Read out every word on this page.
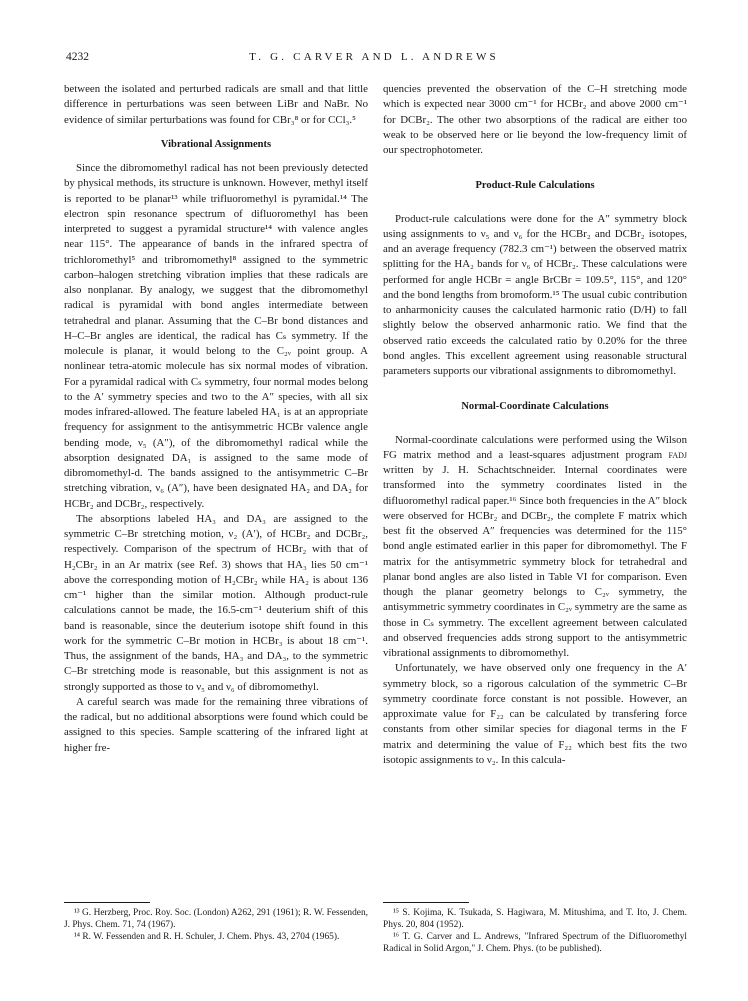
4232	T. G. CARVER AND L. ANDREWS

between the isolated and perturbed radicals are small and that little difference in perturbations was seen between LiBr and NaBr. No evidence of similar perturbations was found for CBr₃⁸ or for CCl₃.⁵

Vibrational Assignments

Since the dibromomethyl radical has not been previously detected by physical methods, its structure is unknown. However, methyl itself is reported to be planar¹³ while trifluoromethyl is pyramidal.¹⁴ The electron spin resonance spectrum of difluoromethyl has been interpreted to suggest a pyramidal structure¹⁴ with valence angles near 115°. The appearance of bands in the infrared spectra of trichloromethyl⁵ and tribromomethyl⁸ assigned to the symmetric carbon–halogen stretching vibration implies that these radicals are also nonplanar. By analogy, we suggest that the dibromomethyl radical is pyramidal with bond angles intermediate between tetrahedral and planar. Assuming that the C–Br bond distances and H–C–Br angles are identical, the radical has Cₛ symmetry. If the molecule is planar, it would belong to the C₂ᵥ point group. A nonlinear tetra-atomic molecule has six normal modes of vibration. For a pyramidal radical with Cₛ symmetry, four normal modes belong to the A′ symmetry species and two to the A″ species, with all six modes infrared-allowed. The feature labeled HA₁ is at an appropriate frequency for assignment to the antisymmetric HCBr valence angle bending mode, ν₅ (A″), of the dibromomethyl radical while the absorption designated DA₁ is assigned to the same mode of dibromomethyl-d. The bands assigned to the antisymmetric C–Br stretching vibration, ν₆ (A″), have been designated HA₂ and DA₂ for HCBr₂ and DCBr₂, respectively.

The absorptions labeled HA₃ and DA₃ are assigned to the symmetric C–Br stretching motion, ν₂ (A′), of HCBr₂ and DCBr₂, respectively. Comparison of the spectrum of HCBr₂ with that of H₂CBr₂ in an Ar matrix (see Ref. 3) shows that HA₃ lies 50 cm⁻¹ above the corresponding motion of H₂CBr₂ while HA₂ is about 136 cm⁻¹ higher than the similar motion. Although product-rule calculations cannot be made, the 16.5-cm⁻¹ deuterium shift of this band is reasonable, since the deuterium isotope shift found in this work for the symmetric C–Br motion in HCBr₃ is about 18 cm⁻¹. Thus, the assignment of the bands, HA₃ and DA₃, to the symmetric C–Br stretching mode is reasonable, but this assignment is not as strongly supported as those to ν₅ and ν₆ of dibromomethyl.

A careful search was made for the remaining three vibrations of the radical, but no additional absorptions were found which could be assigned to this species. Sample scattering of the infrared light at higher fre-

quencies prevented the observation of the C–H stretching mode which is expected near 3000 cm⁻¹ for HCBr₂ and above 2000 cm⁻¹ for DCBr₂. The other two absorptions of the radical are either too weak to be observed here or lie beyond the low-frequency limit of our spectrophotometer.

Product-Rule Calculations

Product-rule calculations were done for the A″ symmetry block using assignments to ν₅ and ν₆ for the HCBr₂ and DCBr₂ isotopes, and an average frequency (782.3 cm⁻¹) between the observed matrix splitting for the HA₂ bands for ν₆ of HCBr₂. These calculations were performed for angle HCBr = angle BrCBr = 109.5°, 115°, and 120° and the bond lengths from bromoform.¹⁵ The usual cubic contribution to anharmonicity causes the calculated harmonic ratio (D/H) to fall slightly below the observed anharmonic ratio. We find that the observed ratio exceeds the calculated ratio by 0.20% for the three bond angles. This excellent agreement using reasonable structural parameters supports our vibrational assignments to dibromomethyl.

Normal-Coordinate Calculations

Normal-coordinate calculations were performed using the Wilson FG matrix method and a least-squares adjustment program fadj written by J. H. Schachtschneider. Internal coordinates were transformed into the symmetry coordinates listed in the difluoromethyl radical paper.¹⁶ Since both frequencies in the A″ block were observed for HCBr₂ and DCBr₂, the complete F matrix which best fit the observed A″ frequencies was determined for the 115° bond angle estimated earlier in this paper for dibromomethyl. The F matrix for the antisymmetric symmetry block for tetrahedral and planar bond angles are also listed in Table VI for comparison. Even though the planar geometry belongs to C₂ᵥ symmetry, the antisymmetric symmetry coordinates in C₂ᵥ symmetry are the same as those in Cₛ symmetry. The excellent agreement between calculated and observed frequencies adds strong support to the antisymmetric vibrational assignments to dibromomethyl.

Unfortunately, we have observed only one frequency in the A′ symmetry block, so a rigorous calculation of the symmetric C–Br symmetry coordinate force constant is not possible. However, an approximate value for F₂₂ can be calculated by transfering force constants from other similar species for diagonal terms in the F matrix and determining the value of F₂₂ which best fits the two isotopic assignments to ν₂. In this calcula-

¹³ G. Herzberg, Proc. Roy. Soc. (London) A262, 291 (1961); R. W. Fessenden, J. Phys. Chem. 71, 74 (1967).

¹⁴ R. W. Fessenden and R. H. Schuler, J. Chem. Phys. 43, 2704 (1965).

¹⁵ S. Kojima, K. Tsukada, S. Hagiwara, M. Mitushima, and T. Ito, J. Chem. Phys. 20, 804 (1952).

¹⁶ T. G. Carver and L. Andrews, "Infrared Spectrum of the Difluoromethyl Radical in Solid Argon," J. Chem. Phys. (to be published).
